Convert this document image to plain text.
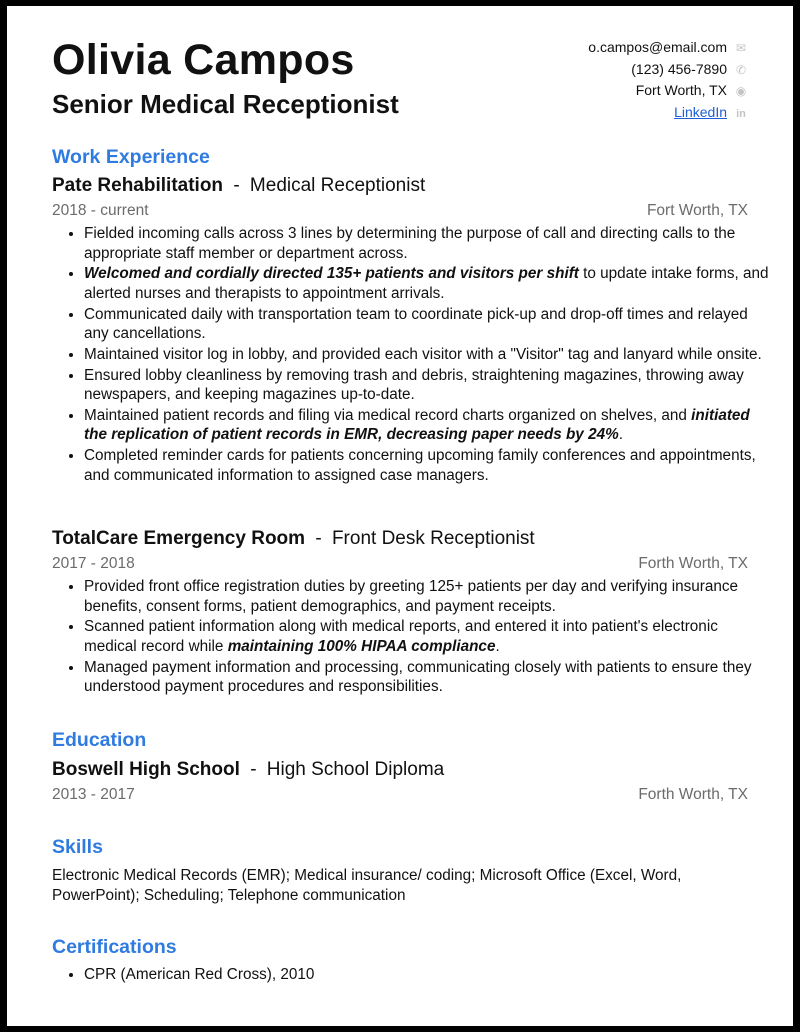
Olivia Campos
Senior Medical Receptionist
o.campos@email.com ✉
(123) 456-7890 ✆
Fort Worth, TX ◉
LinkedIn in
Work Experience
Pate Rehabilitation - Medical Receptionist
2018 - current	Fort Worth, TX
• Fielded incoming calls across 3 lines by determining the purpose of call and directing calls to the appropriate staff member or department across.
• Welcomed and cordially directed 135+ patients and visitors per shift to update intake forms, and alerted nurses and therapists to appointment arrivals.
• Communicated daily with transportation team to coordinate pick-up and drop-off times and relayed any cancellations.
• Maintained visitor log in lobby, and provided each visitor with a "Visitor" tag and lanyard while onsite.
• Ensured lobby cleanliness by removing trash and debris, straightening magazines, throwing away newspapers, and keeping magazines up-to-date.
• Maintained patient records and filing via medical record charts organized on shelves, and initiated the replication of patient records in EMR, decreasing paper needs by 24%.
• Completed reminder cards for patients concerning upcoming family conferences and appointments, and communicated information to assigned case managers.
TotalCare Emergency Room - Front Desk Receptionist
2017 - 2018	Forth Worth, TX
• Provided front office registration duties by greeting 125+ patients per day and verifying insurance benefits, consent forms, patient demographics, and payment receipts.
• Scanned patient information along with medical reports, and entered it into patient's electronic medical record while maintaining 100% HIPAA compliance.
• Managed payment information and processing, communicating closely with patients to ensure they understood payment procedures and responsibilities.
Education
Boswell High School - High School Diploma
2013 - 2017	Forth Worth, TX
Skills
Electronic Medical Records (EMR); Medical insurance/ coding; Microsoft Office (Excel, Word, PowerPoint); Scheduling; Telephone communication
Certifications
• CPR (American Red Cross), 2010
